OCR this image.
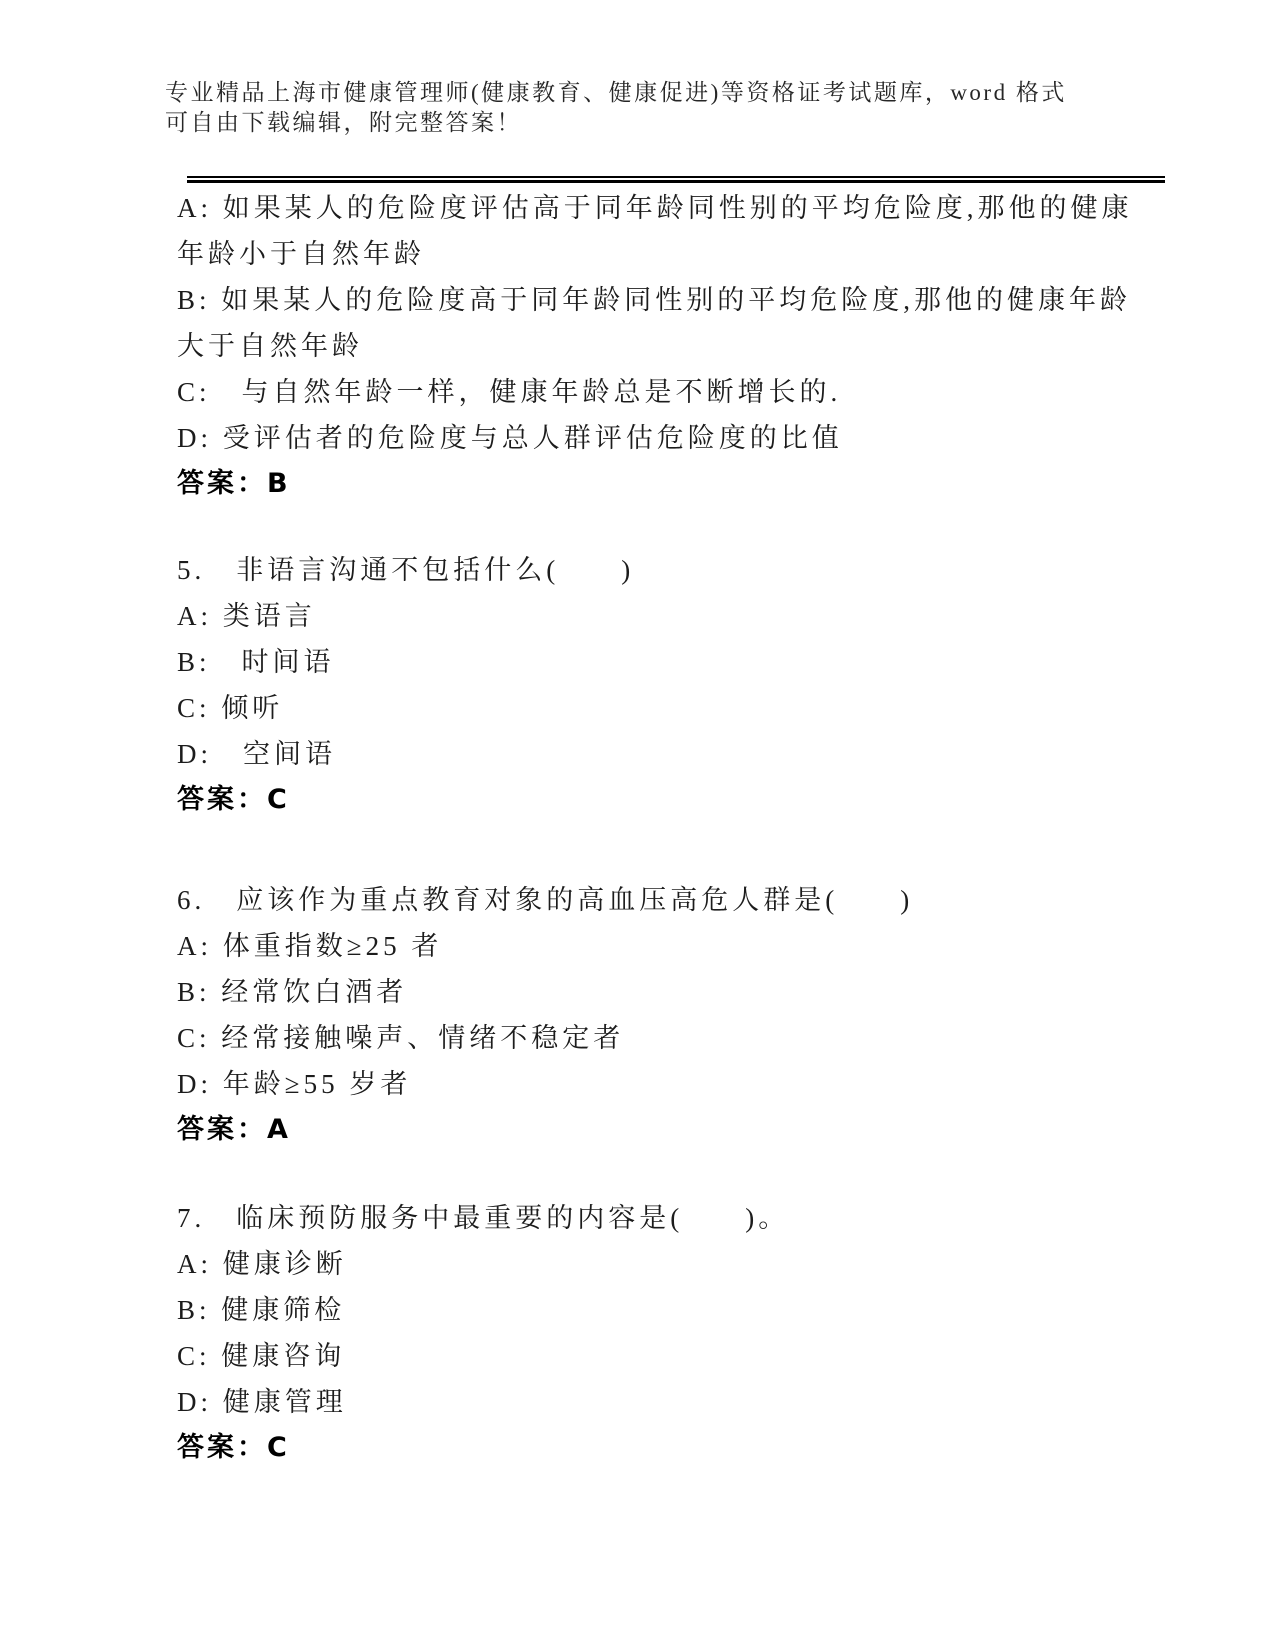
专业精品上海市健康管理师(健康教育、健康促进)等资格证考试题库，word 格式
可自由下载编辑，附完整答案！

A: 如果某人的危险度评估高于同年龄同性别的平均危险度,那他的健康年龄小于自然年龄

B: 如果某人的危险度高于同年龄同性别的平均危险度,那他的健康年龄大于自然年龄

C:　与自然年龄一样，健康年龄总是不断增长的.

D: 受评估者的危险度与总人群评估危险度的比值

答案：B

5.　非语言沟通不包括什么(　　)

A: 类语言

B:　时间语

C: 倾听

D:　空间语

答案：C

6.　应该作为重点教育对象的高血压高危人群是(　　)

A: 体重指数≥25 者

B: 经常饮白酒者

C: 经常接触噪声、情绪不稳定者

D: 年龄≥55 岁者

答案：A

7.　临床预防服务中最重要的内容是(　　)。

A: 健康诊断

B: 健康筛检

C: 健康咨询

D: 健康管理

答案：C
